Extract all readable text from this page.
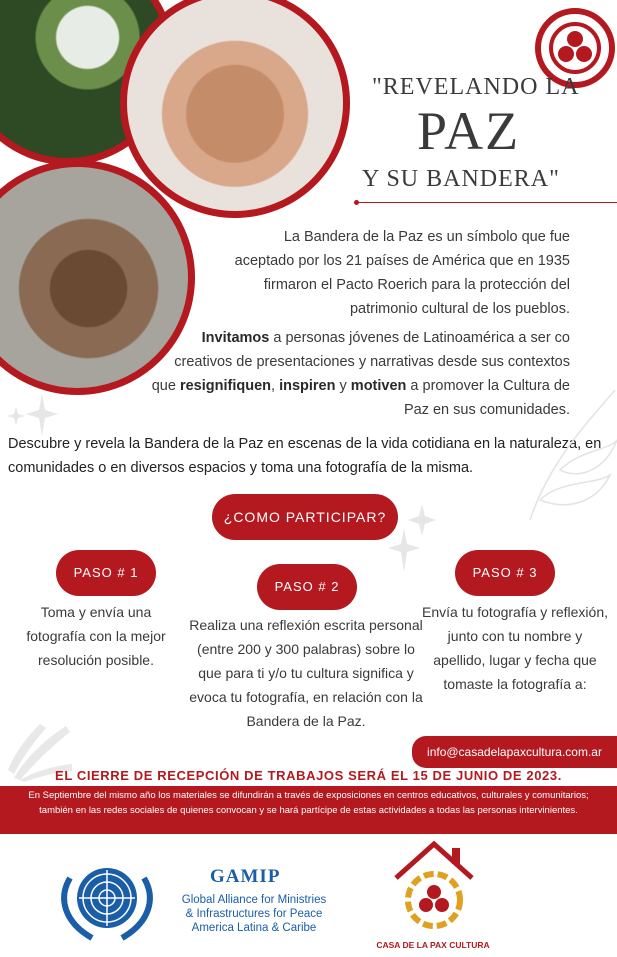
"REVELANDO LA
PAZ
Y SU BANDERA"

La Bandera de la Paz es un símbolo que fue aceptado por los 21 países de América que en 1935 firmaron el Pacto Roerich para la protección del patrimonio cultural de los pueblos.

Invitamos a personas jóvenes de Latinoamérica a ser co creativos de presentaciones y narrativas desde sus contextos que resignifiquen, inspiren y motiven a promover la Cultura de Paz en sus comunidades.

Descubre y revela la Bandera de la Paz en escenas de la vida cotidiana en la naturaleza, en comunidades o en diversos espacios y toma una fotografía de la misma.

¿COMO PARTICIPAR?
PASO # 1
PASO # 2
PASO # 3

Toma y envía una fotografía con la mejor resolución posible.

Realiza una reflexión escrita personal (entre 200 y 300 palabras) sobre lo que para ti y/o tu cultura significa y evoca tu fotografía, en relación con la Bandera de la Paz.

Envía tu fotografía y reflexión, junto con tu nombre y apellido, lugar y fecha que tomaste la fotografía a:

info@casadelapaxcultura.com.ar
EL CIERRE DE RECEPCIÓN DE TRABAJOS SERÁ EL 15 DE JUNIO DE 2023.
En Septiembre del mismo año los materiales se difundirán a través de exposiciones en centros educativos, culturales y comunitarios; también en las redes sociales de quienes convocan y se hará partícipe de estas actividades a todas las personas intervinientes.
GAMIP
Global Alliance for Ministries
& Infrastructures for Peace
America Latina & Caribe
CASA DE LA PAX CULTURA
